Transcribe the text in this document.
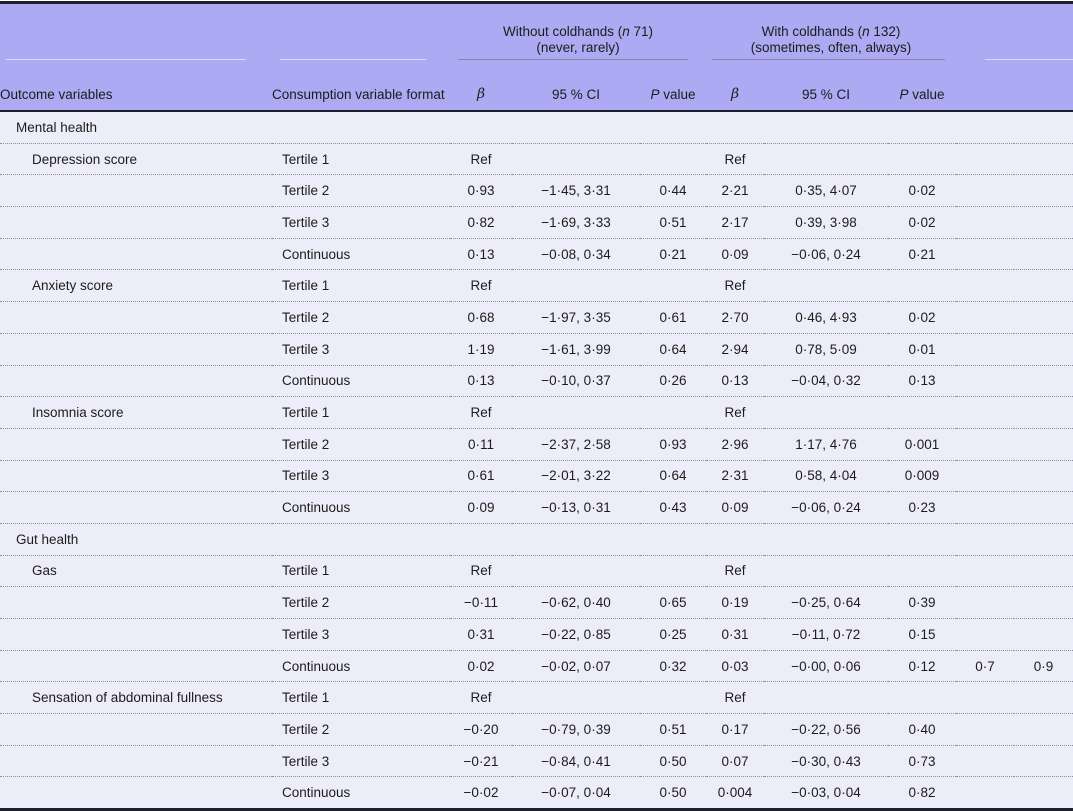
Without coldhands (n 71)
(never, rarely)

With coldhands (n 132)
(sometimes, often, always)

Outcome variables	Consumption variable format	β	95 % CI	P value	β	95 % CI	P value		
Mental health									
Depression score	Tertile 1	Ref			Ref				
	Tertile 2	0·93	−1·45, 3·31	0·44	2·21	0·35, 4·07	0·02		
	Tertile 3	0·82	−1·69, 3·33	0·51	2·17	0·39, 3·98	0·02		
	Continuous	0·13	−0·08, 0·34	0·21	0·09	−0·06, 0·24	0·21		
Anxiety score	Tertile 1	Ref			Ref				
	Tertile 2	0·68	−1·97, 3·35	0·61	2·70	0·46, 4·93	0·02		
	Tertile 3	1·19	−1·61, 3·99	0·64	2·94	0·78, 5·09	0·01		
	Continuous	0·13	−0·10, 0·37	0·26	0·13	−0·04, 0·32	0·13		
Insomnia score	Tertile 1	Ref			Ref				
	Tertile 2	0·11	−2·37, 2·58	0·93	2·96	1·17, 4·76	0·001		
	Tertile 3	0·61	−2·01, 3·22	0·64	2·31	0·58, 4·04	0·009		
	Continuous	0·09	−0·13, 0·31	0·43	0·09	−0·06, 0·24	0·23		
Gut health									
Gas	Tertile 1	Ref			Ref				
	Tertile 2	−0·11	−0·62, 0·40	0·65	0·19	−0·25, 0·64	0·39		
	Tertile 3	0·31	−0·22, 0·85	0·25	0·31	−0·11, 0·72	0·15		
	Continuous	0·02	−0·02, 0·07	0·32	0·03	−0·00, 0·06	0·12	0·7	0·9
Sensation of abdominal fullness	Tertile 1	Ref			Ref				
	Tertile 2	−0·20	−0·79, 0·39	0·51	0·17	−0·22, 0·56	0·40		
	Tertile 3	−0·21	−0·84, 0·41	0·50	0·07	−0·30, 0·43	0·73		
	Continuous	−0·02	−0·07, 0·04	0·50	0·004	−0·03, 0·04	0·82		
